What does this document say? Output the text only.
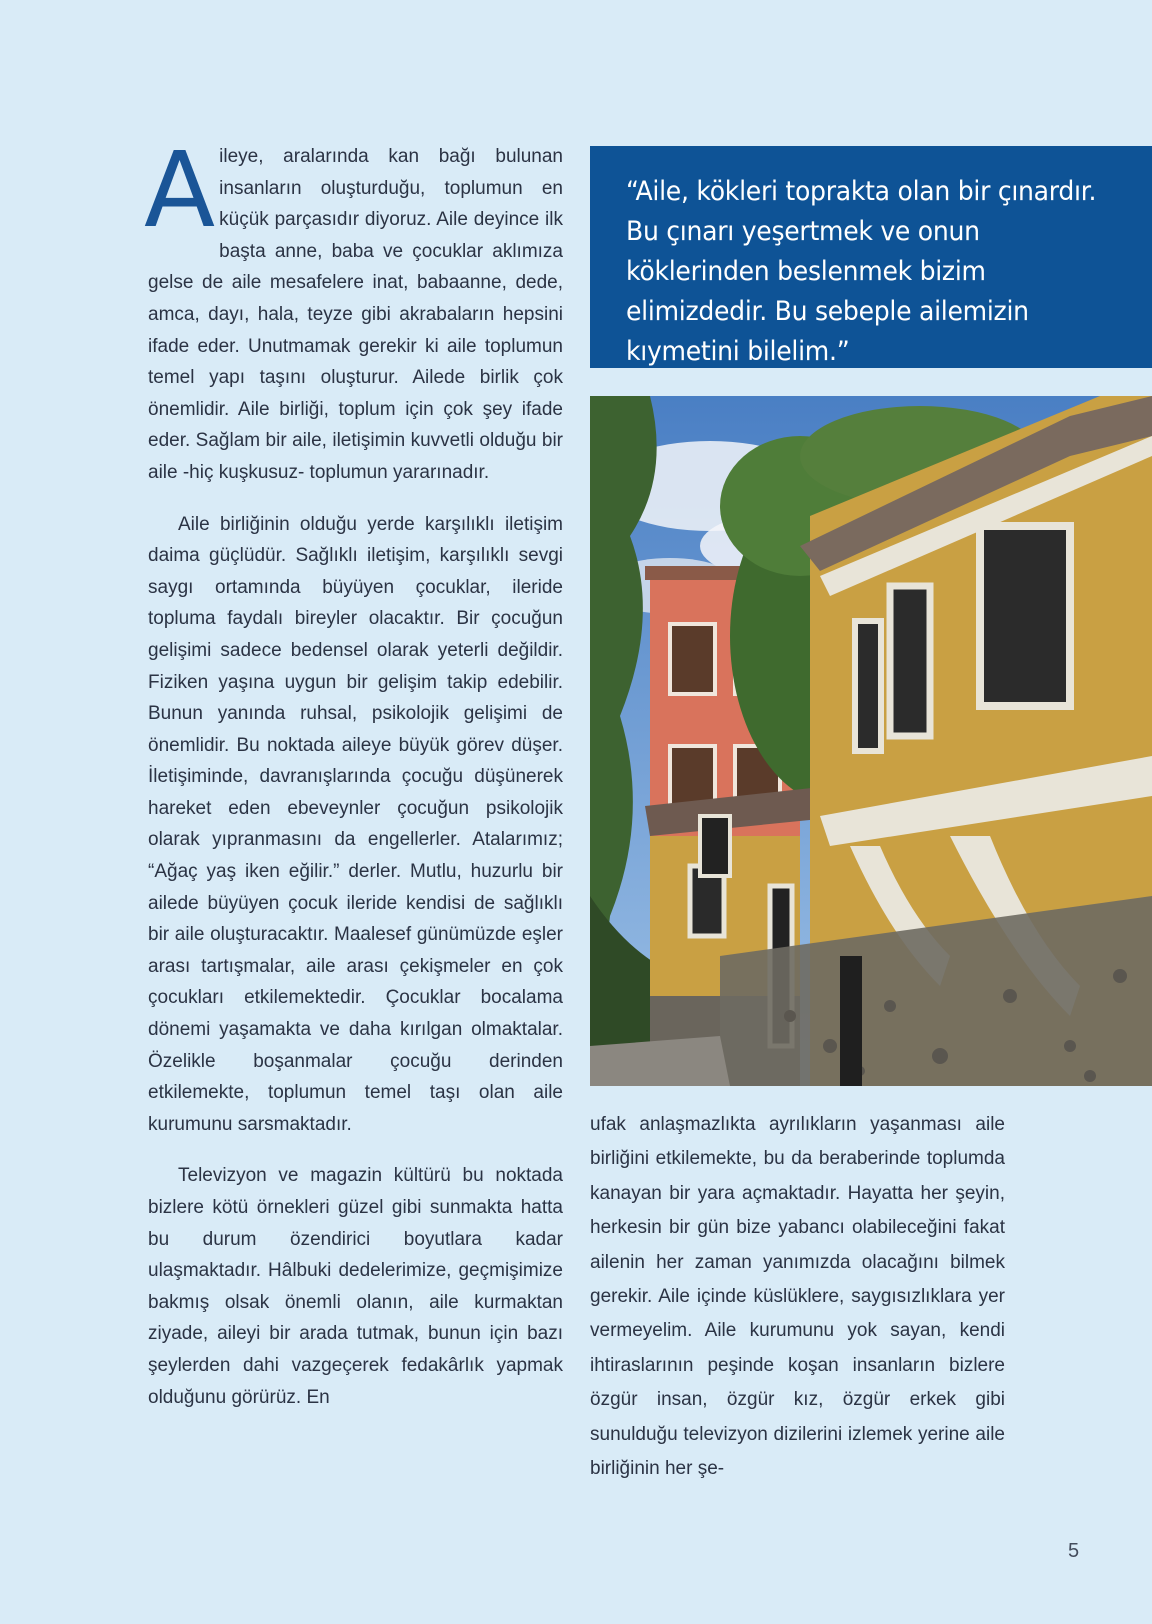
Aileye, aralarında kan bağı bulunan insanların oluşturduğu, toplumun en küçük parçasıdır diyoruz. Aile deyince ilk başta anne, baba ve çocuklar aklımıza gelse de aile mesafelere inat, babaanne, dede, amca, dayı, hala, teyze gibi akrabaların hepsini ifade eder. Unutmamak gerekir ki aile toplumun temel yapı taşını oluşturur. Ailede birlik çok önemlidir. Aile birliği, toplum için çok şey ifade eder. Sağlam bir aile, iletişimin kuvvetli olduğu bir aile -hiç kuşkusuz- toplumun yararınadır.

Aile birliğinin olduğu yerde karşılıklı iletişim daima güçlüdür. Sağlıklı iletişim, karşılıklı sevgi saygı ortamında büyüyen çocuklar, ileride topluma faydalı bireyler olacaktır. Bir çocuğun gelişimi sadece bedensel olarak yeterli değildir. Fiziken yaşına uygun bir gelişim takip edebilir. Bunun yanında ruhsal, psikolojik gelişimi de önemlidir. Bu noktada aileye büyük görev düşer. İletişiminde, davranışlarında çocuğu düşünerek hareket eden ebeveynler çocuğun psikolojik olarak yıpranmasını da engellerler. Atalarımız; “Ağaç yaş iken eğilir.” derler. Mutlu, huzurlu bir ailede büyüyen çocuk ileride kendisi de sağlıklı bir aile oluşturacaktır. Maalesef günümüzde eşler arası tartışmalar, aile arası çekişmeler en çok çocukları etkilemektedir. Çocuklar bocalama dönemi yaşamakta ve daha kırılgan olmaktalar. Özelikle boşanmalar çocuğu derinden etkilemekte, toplumun temel taşı olan aile kurumunu sarsmaktadır.

Televizyon ve magazin kültürü bu noktada bizlere kötü örnekleri güzel gibi sunmakta hatta bu durum özendirici boyutlara kadar ulaşmaktadır. Hâlbuki dedelerimize, geçmişimize bakmış olsak önemli olanın, aile kurmaktan ziyade, aileyi bir arada tutmak, bunun için bazı şeylerden dahi vazgeçerek fedakârlık yapmak olduğunu görürüz. En

“Aile, kökleri toprakta olan bir çınardır. Bu çınarı yeşertmek ve onun köklerinden beslenmek bizim elimizdedir. Bu sebeple ailemizin kıymetini bilelim.”

ufak anlaşmazlıkta ayrılıkların yaşanması aile birliğini etkilemekte, bu da beraberinde toplumda kanayan bir yara açmaktadır. Hayatta her şeyin, herkesin bir gün bize yabancı olabileceğini fakat ailenin her zaman yanımızda olacağını bilmek gerekir. Aile içinde küslüklere, saygısızlıklara yer vermeyelim. Aile kurumunu yok sayan, kendi ihtiraslarının peşinde koşan insanların bizlere özgür insan, özgür kız, özgür erkek gibi sunulduğu televizyon dizilerini izlemek yerine aile birliğinin her şe-

5
